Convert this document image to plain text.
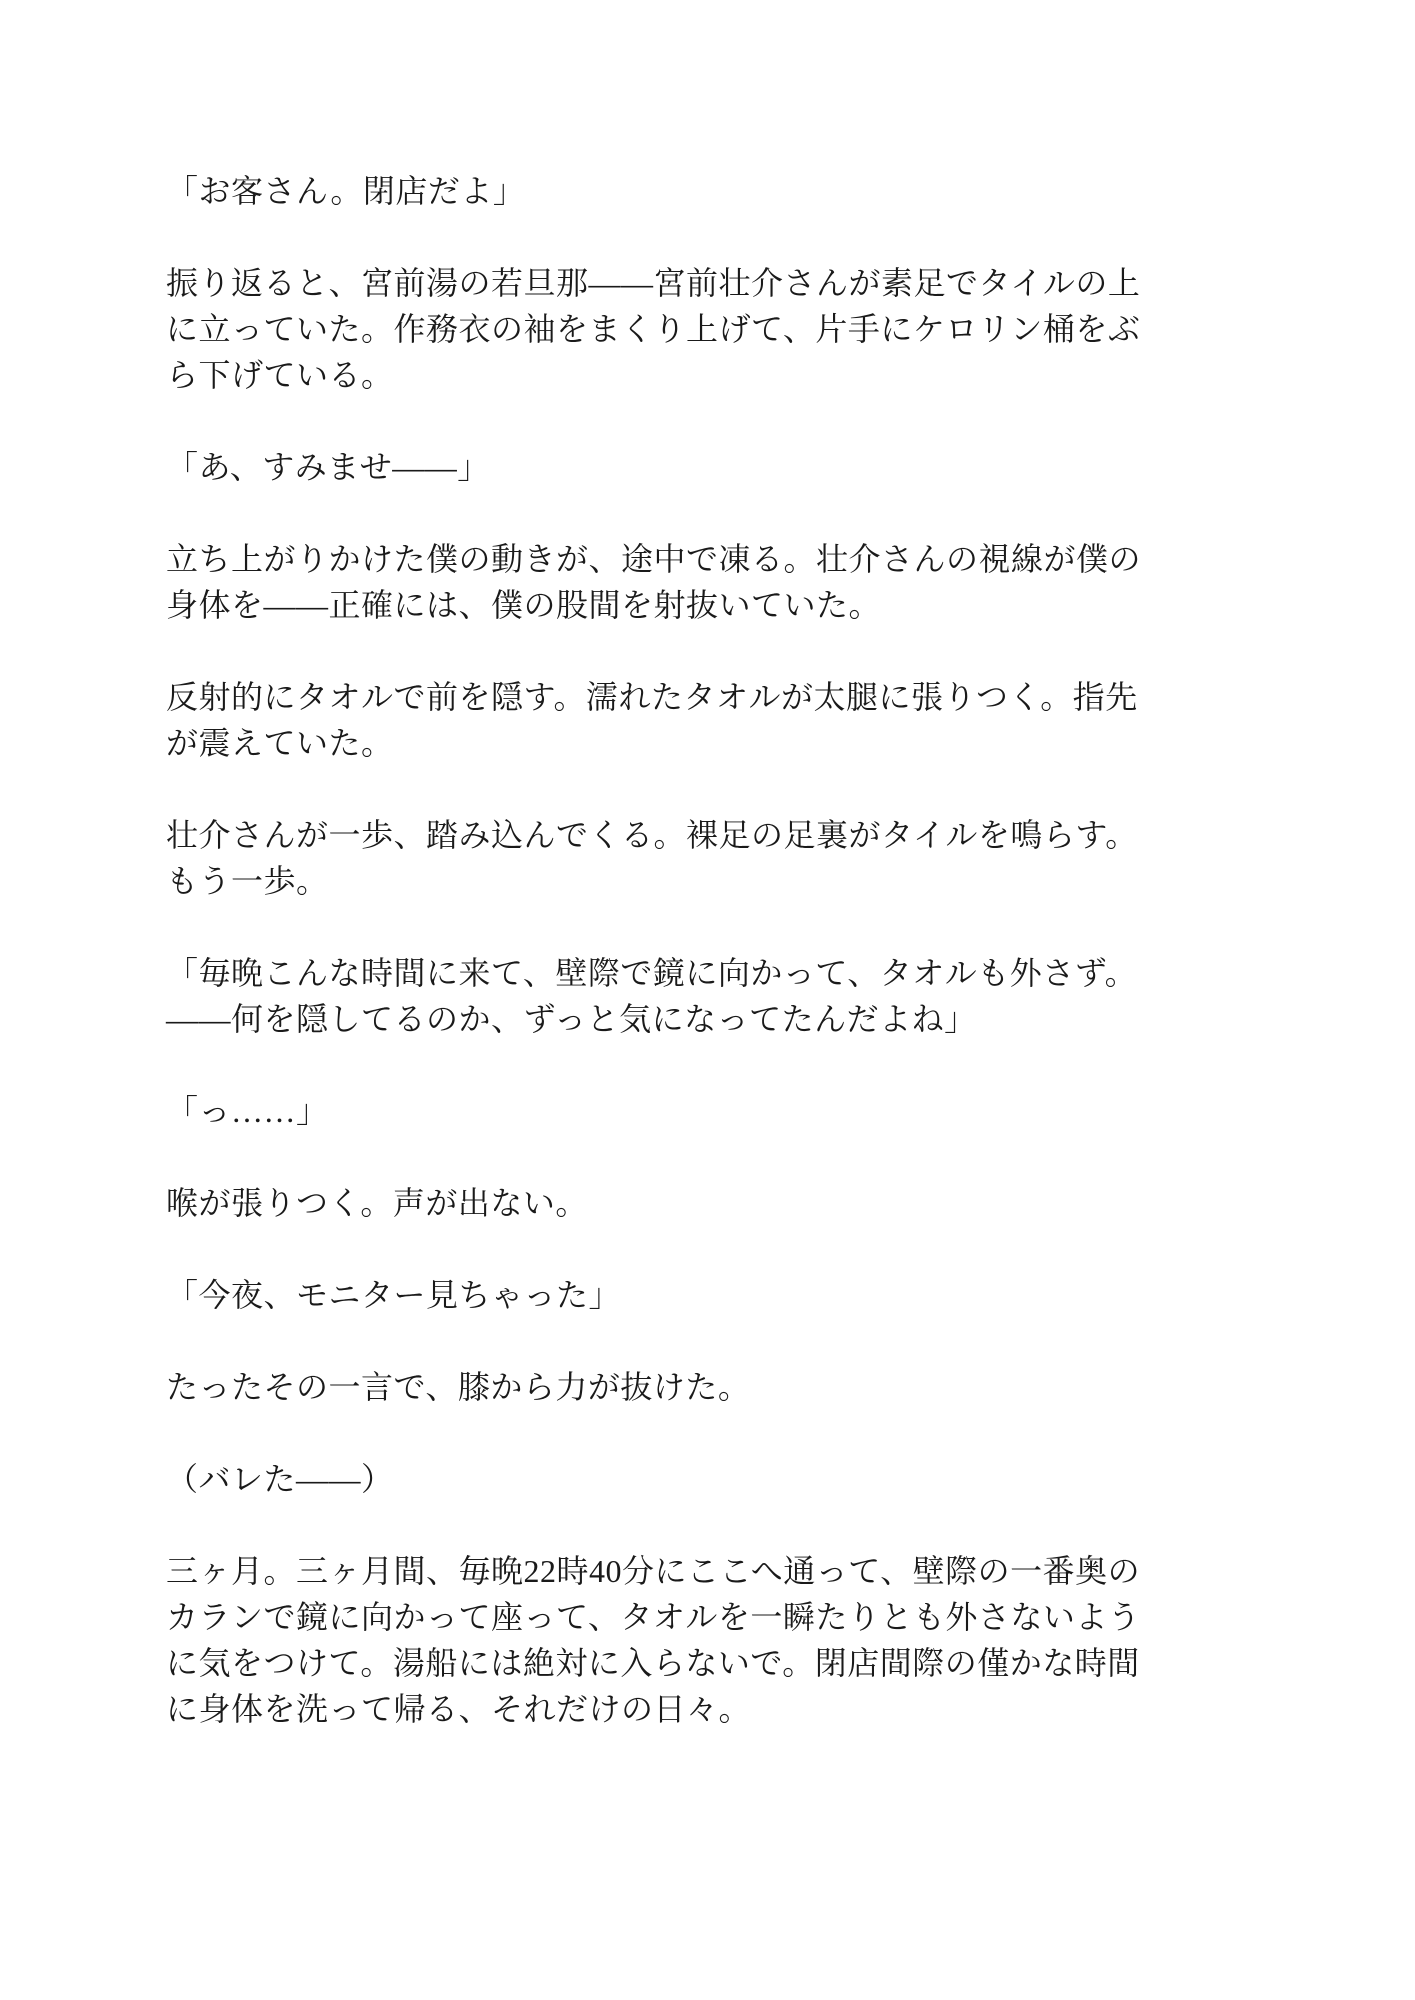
「お客さん。閉店だよ」

振り返ると、宮前湯の若旦那——宮前壮介さんが素足でタイルの上に立っていた。作務衣の袖をまくり上げて、片手にケロリン桶をぶら下げている。

「あ、すみませ——」

立ち上がりかけた僕の動きが、途中で凍る。壮介さんの視線が僕の身体を——正確には、僕の股間を射抜いていた。

反射的にタオルで前を隠す。濡れたタオルが太腿に張りつく。指先が震えていた。

壮介さんが一歩、踏み込んでくる。裸足の足裏がタイルを鳴らす。もう一歩。

「毎晩こんな時間に来て、壁際で鏡に向かって、タオルも外さず。——何を隠してるのか、ずっと気になってたんだよね」

「っ……」

喉が張りつく。声が出ない。

「今夜、モニター見ちゃった」

たったその一言で、膝から力が抜けた。

（バレた——）

三ヶ月。三ヶ月間、毎晩22時40分にここへ通って、壁際の一番奥のカランで鏡に向かって座って、タオルを一瞬たりとも外さないように気をつけて。湯船には絶対に入らないで。閉店間際の僅かな時間に身体を洗って帰る、それだけの日々。
